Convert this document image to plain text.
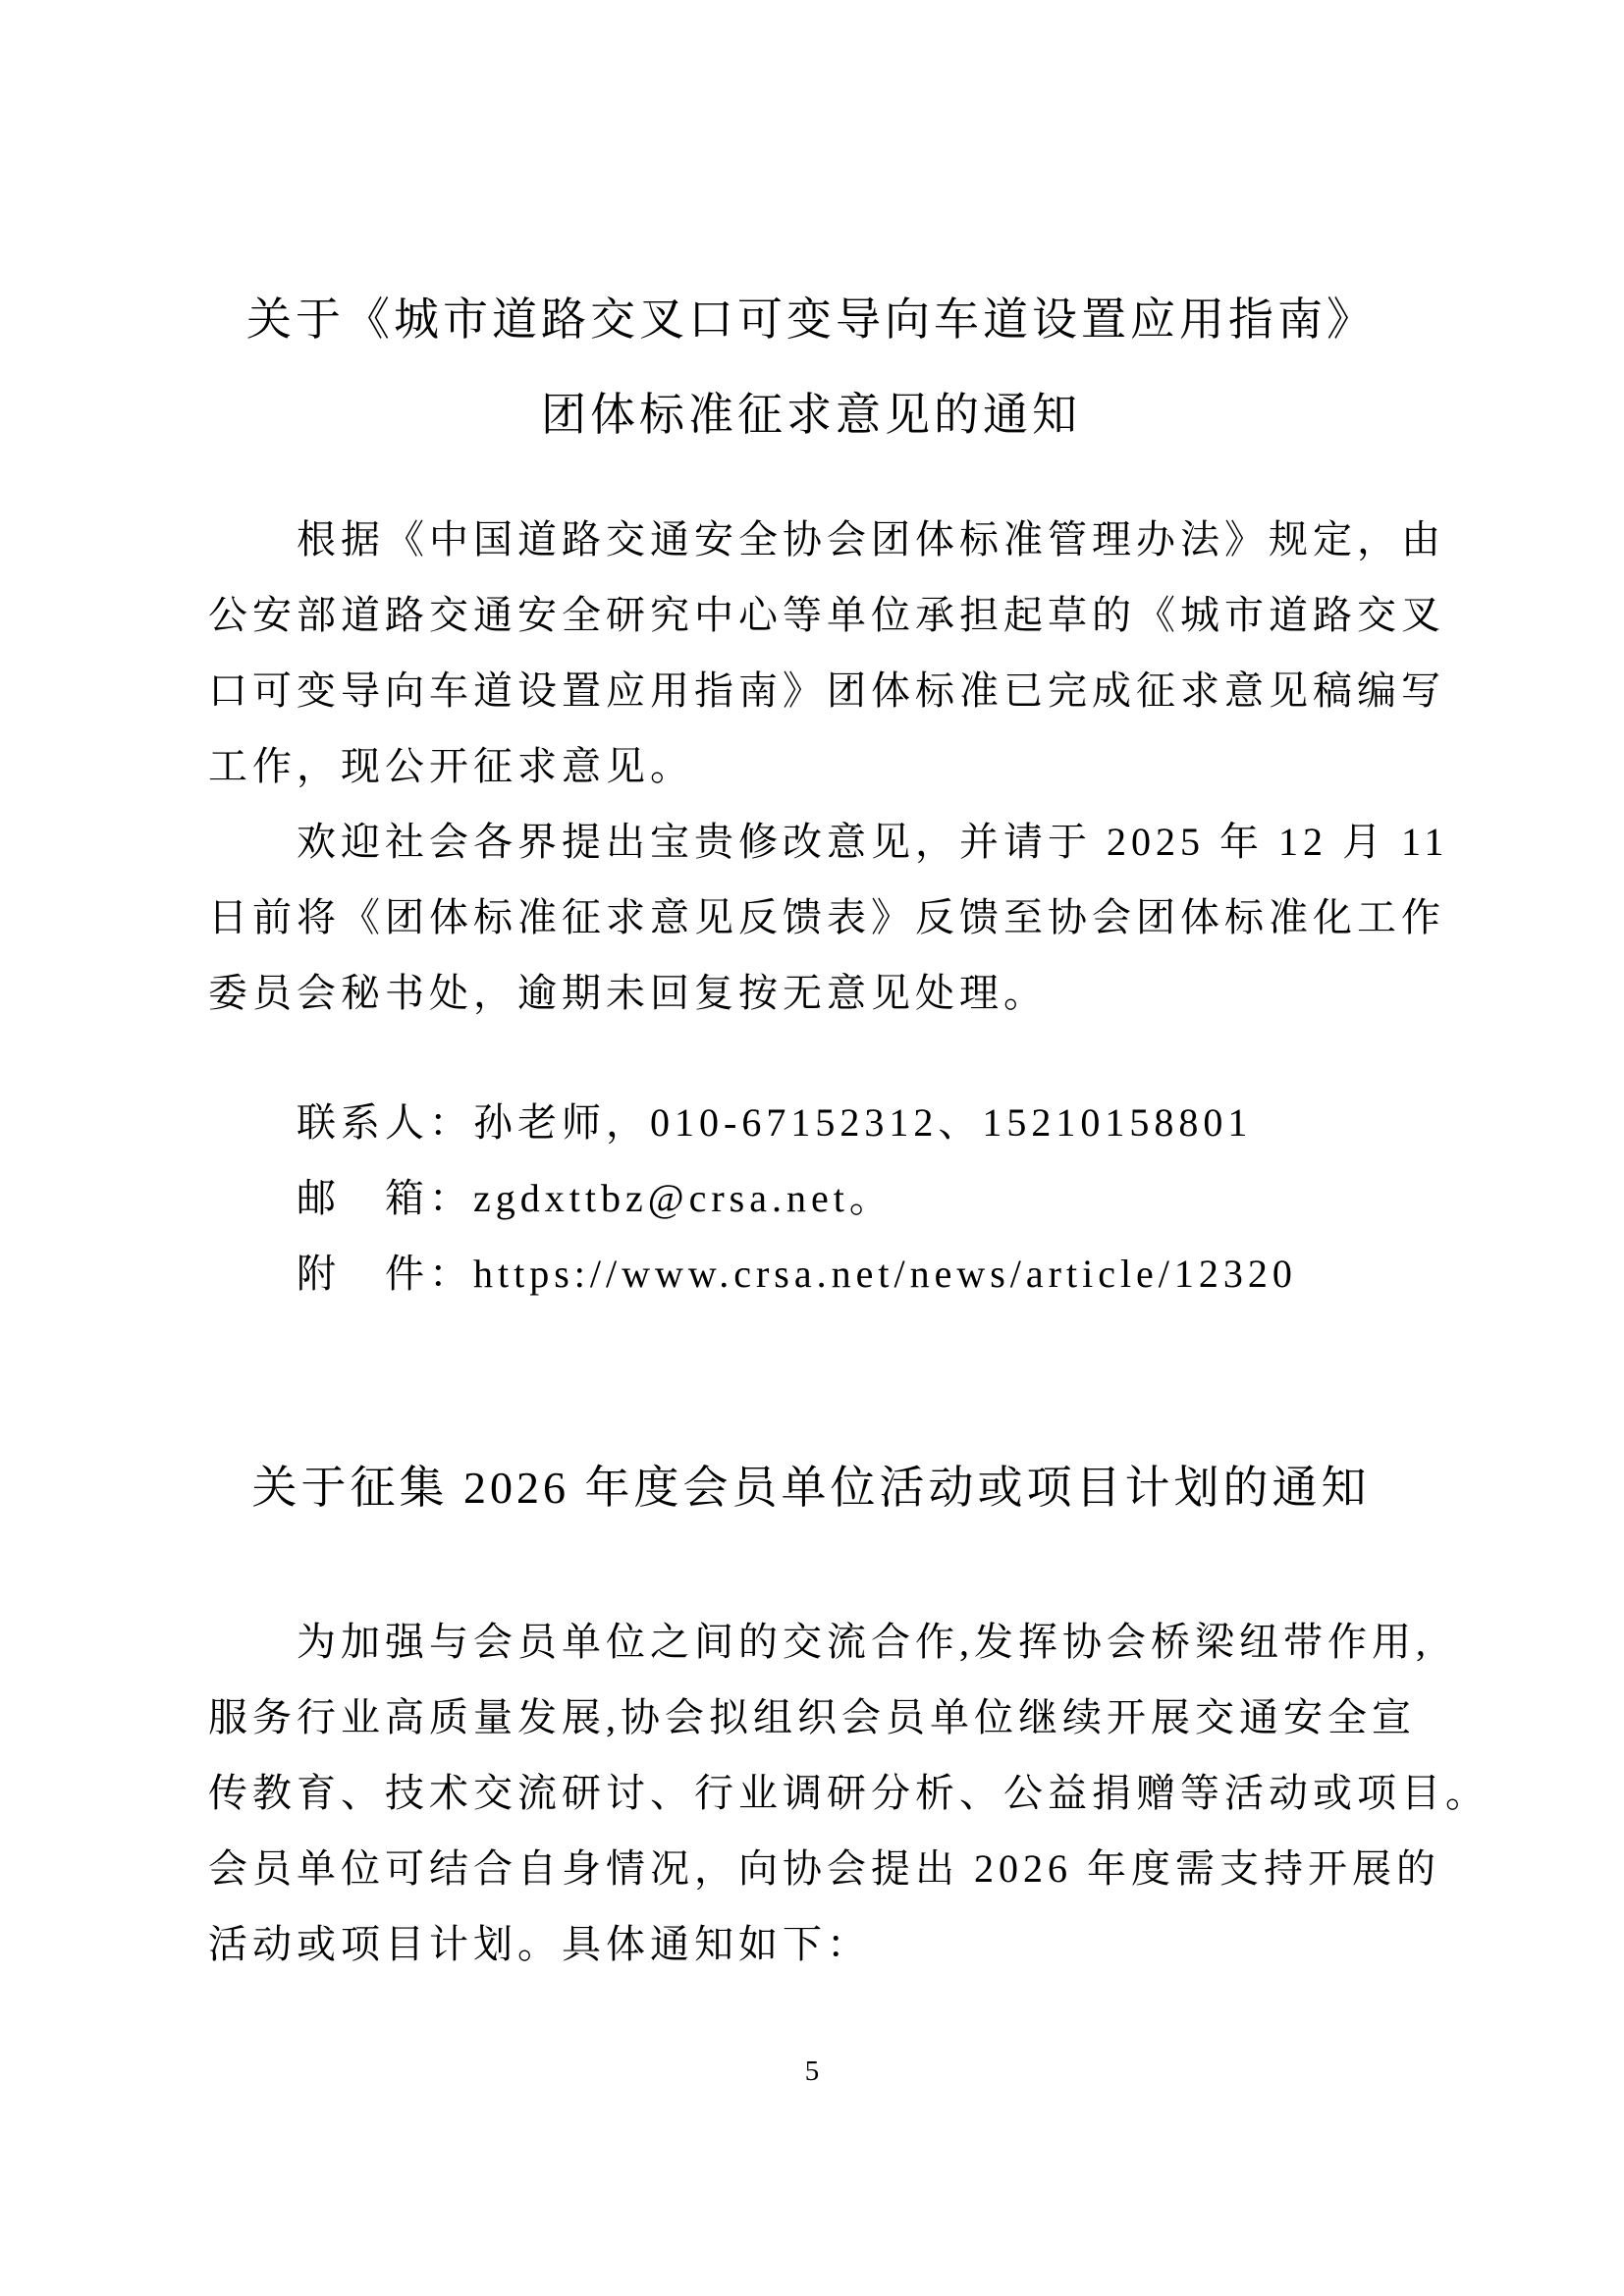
关于《城市道路交叉口可变导向车道设置应用指南》
团体标准征求意见的通知
根据《中国道路交通安全协会团体标准管理办法》规定，由
公安部道路交通安全研究中心等单位承担起草的《城市道路交叉
口可变导向车道设置应用指南》团体标准已完成征求意见稿编写
工作，现公开征求意见。
欢迎社会各界提出宝贵修改意见，并请于 2025 年 12 月 11
日前将《团体标准征求意见反馈表》反馈至协会团体标准化工作
委员会秘书处，逾期未回复按无意见处理。
联系人：孙老师，010-67152312、15210158801
邮　箱：zgdxttbz@crsa.net。
附　件：https://www.crsa.net/news/article/12320
关于征集 2026 年度会员单位活动或项目计划的通知
为加强与会员单位之间的交流合作,发挥协会桥梁纽带作用,
服务行业高质量发展,协会拟组织会员单位继续开展交通安全宣
传教育、技术交流研讨、行业调研分析、公益捐赠等活动或项目。
会员单位可结合自身情况，向协会提出 2026 年度需支持开展的
活动或项目计划。具体通知如下：
5
